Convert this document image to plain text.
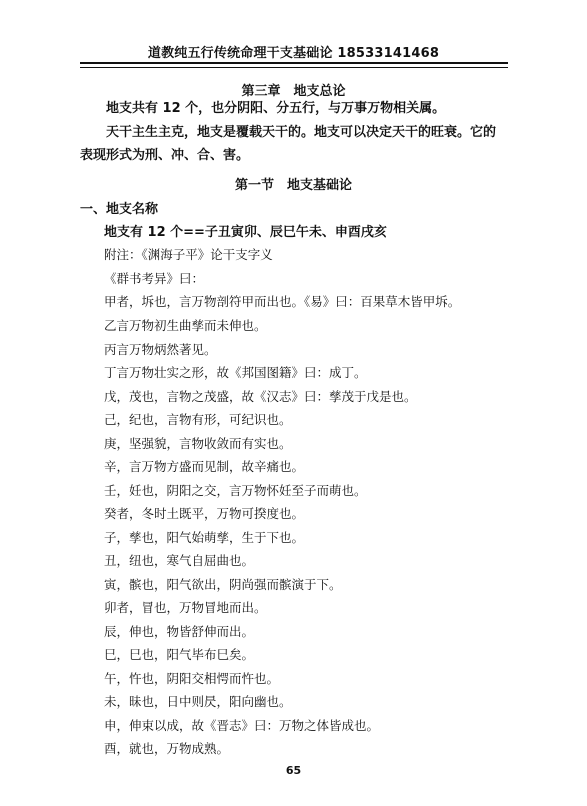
道教纯五行传统命理干支基础论 18533141468
第三章　地支总论
地支共有 12 个，也分阴阳、分五行，与万事万物相关属。
天干主生主克，地支是覆载天干的。地支可以决定天干的旺衰。它的
表现形式为刑、冲、合、害。
第一节　地支基础论
一、地支名称
地支有 12 个==子丑寅卯、辰巳午未、申酉戌亥
附注：《渊海子平》论干支字义
《群书考异》曰：
甲者，坼也，言万物剖符甲而出也。《易》曰：百果草木皆甲坼。
乙言万物初生曲孳而未伸也。
丙言万物炳然著见。
丁言万物壮实之形，故《邦国图籍》曰：成丁。
戊，茂也，言物之茂盛，故《汉志》曰：孳茂于戊是也。
己，纪也，言物有形，可纪识也。
庚，坚强貌，言物收敛而有实也。
辛，言万物方盛而见制，故辛痛也。
壬，妊也，阴阳之交，言万物怀妊至子而萌也。
癸者，冬时土既平，万物可揆度也。
子，孳也，阳气始萌孳，生于下也。
丑，纽也，寒气自屈曲也。
寅，髌也，阳气欲出，阴尚强而髌演于下。
卯者，冒也，万物冒地而出。
辰，伸也，物皆舒伸而出。
巳，巳也，阳气毕布巳矣。
午，忤也，阴阳交相愕而忤也。
未，昧也，日中则昃，阳向幽也。
申，伸束以成，故《晋志》曰：万物之体皆成也。
酉，就也，万物成熟。
65
